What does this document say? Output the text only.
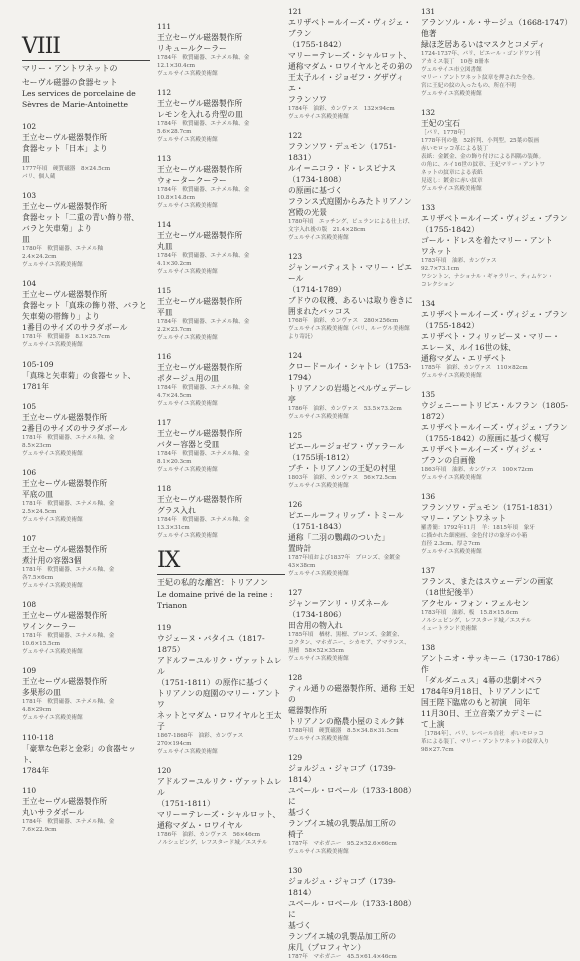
VIII
マリー・アントワネットの
セーヴル磁器の食器セット
Les services de porcelaine de
Sèvres de Marie-Antoinette
102
王立セーヴル磁器製作所
食器セット「日本」より
皿
1777年頃　硬質磁器　8×24.5cm
パリ、個人蔵
103
王立セーヴル磁器製作所
食器セット「二重の青い飾り帯、
バラと矢車菊」より
皿
1780年　軟質磁器、エナメル釉
2.4×24.2cm
ヴェルサイユ宮殿美術館
104
王立セーヴル磁器製作所
食器セット「真珠の飾り帯、バラと
矢車菊の帯飾り」より
1番目のサイズのサラダボール
1781年　軟質磁器　8.1×25.7cm
ヴェルサイユ宮殿美術館
105-109
「真珠と矢車菊」の食器セット、
1781年
105
王立セーヴル磁器製作所
2番目のサイズのサラダボール
1781年　軟質磁器、エナメル釉、金
8.5×23cm
ヴェルサイユ宮殿美術館
106
王立セーヴル磁器製作所
平底の皿
1781年　軟質磁器、エナメル釉、金
2.5×24.5cm
ヴェルサイユ宮殿美術館
107
王立セーヴル磁器製作所
煮汁用の容器3個
1781年　軟質磁器、エナメル釉、金
各7.5×6cm
ヴェルサイユ宮殿美術館
108
王立セーヴル磁器製作所
ワインクーラー
1781年　軟質磁器、エナメル釉、金
10.6×15.5cm
ヴェルサイユ宮殿美術館
109
王立セーヴル磁器製作所
多果形の皿
1781年　軟質磁器、エナメル釉、金
4.8×29cm
ヴェルサイユ宮殿美術館
110-118
「豪華な色彩と金彩」の食器セット、
1784年
110
王立セーヴル磁器製作所
丸いサラダボール
1784年　軟質磁器、エナメル釉、金
7.6×22.9cm
111
王立セーヴル磁器製作所
リキュールクーラー
1784年　軟質磁器、エナメル釉、金
12.1×30.4cm
ヴェルサイユ宮殿美術館
112
王立セーヴル磁器製作所
レモンを入れる舟型の皿
1784年　軟質磁器、エナメル釉、金
5.6×28.7cm
ヴェルサイユ宮殿美術館
113
王立セーヴル磁器製作所
ウォータークーラー
1784年　軟質磁器、エナメル釉、金
10.8×14.8cm
ヴェルサイユ宮殿美術館
114
王立セーヴル磁器製作所
丸皿
1784年　軟質磁器、エナメル釉、金
4.1×30.2cm
ヴェルサイユ宮殿美術館
115
王立セーヴル磁器製作所
平皿
1784年　軟質磁器、エナメル釉、金
2.2×23.7cm
ヴェルサイユ宮殿美術館
116
王立セーヴル磁器製作所
ポタージュ用の皿
1784年　軟質磁器、エナメル釉、金
4.7×24.5cm
ヴェルサイユ宮殿美術館
117
王立セーヴル磁器製作所
バター容器と受皿
1784年　軟質磁器、エナメル釉、金
8.1×20.3cm
ヴェルサイユ宮殿美術館
118
王立セーヴル磁器製作所
グラス入れ
1784年　軟質磁器、エナメル釉、金
13.3×31cm
ヴェルサイユ宮殿美術館
IX
王妃の私的な離宮：トリアノン
Le domaine privé de la reine :
Trianon
119
ウジェーヌ・バタイユ（1817-1875）
アドルフ＝ユルリク・ヴァットムレル
（1751-1811）の原作に基づく
トリアノンの庭園のマリー・アントワ
ネットとマダム・ロワイヤルと王太子
1867-1868年　油彩、カンヴァス
270×194cm
ヴェルサイユ宮殿美術館
120
アドルフ＝ユルリク・ヴァットムレル
（1751-1811）
マリー＝テレーズ・シャルロット、
通称マダム・ロワイヤル
1786年　油彩、カンヴァス　56×46cm
ノルシェピング、レフスタード城／エステル
121
エリザベト＝ルイーズ・ヴィジェ・ブラン
（1755-1842）
マリー＝テレーズ・シャルロット、
通称マダム・ロワイヤルとその弟の
王太子ルイ・ジョゼフ・グザヴィエ・
フランソワ
1784年　油彩、カンヴァス　132×94cm
ヴェルサイユ宮殿美術館
122
フランソワ・デュモン（1751-1831）
ルイ＝ニコラ・ド・レスピナス（1734-1808）
の原画に基づく
フランス式庭園からみたトリアノン
宮殿の光景
1780年頃　エッチング、ビュランによる仕上げ、
文字入れ後の版　21.4×28cm
ヴェルサイユ宮殿美術館
123
ジャン＝バティスト・マリー・ピエール
（1714-1789）
ブドウの収穫、あるいは取り巻きに
囲まれたバッコス
1768年　油彩、カンヴァス　280×256cm
ヴェルサイユ宮殿美術館（パリ、ルーヴル美術館
より寄託）
124
クロード＝ルイ・シャトレ（1753-1794）
トリアノンの岩場とベルヴェデーレ亭
1786年　油彩、カンヴァス　53.5×73.2cm
ヴェルサイユ宮殿美術館
125
ピエール＝ジョゼフ・ヴァラール
（1755頃-1812）
プチ・トリアノンの王妃の村里
1803年　油彩、カンヴァス　56×72.5cm
ヴェルサイユ宮殿美術館
126
ピエール＝フィリップ・トミール（1751-1843）
通称「二羽の鸚鵡のついた」
置時計
1787年頃および1837年　ブロンズ、金鍍金
43×38cm
ヴェルサイユ宮殿美術館
127
ジャン＝アンリ・リズネール（1734-1806）
田舎用の物入れ
1785年頃　楢材、黒檀、ブロンズ、金鍍金、
コクタン、マホガニー、シカモア、アマランス、
黒檀　58×52×35cm
ヴェルサイユ宮殿美術館
128
ティル通りの磁器製作所、通称 王妃の
磁器製作所
トリアノンの酪農小屋のミルク鉢
1788年頃　硬質磁器　8.5×34.8×31.5cm
ヴェルサイユ宮殿美術館
129
ジョルジュ・ジャコブ（1739-1814）
ユベール・ロベール（1733-1808）に
基づく
ランブイエ城の乳製品加工所の
椅子
1787年　マホガニー　95.2×52.6×66cm
ヴェルサイユ宮殿美術館
130
ジョルジュ・ジャコブ（1739-1814）
ユベール・ロベール（1733-1808）に
基づく
ランブイエ城の乳製品加工所の
床几（プロフィヤン）
1787年　マホガニー　45.5×61.4×46cm
131
アランソル・ル・サージュ（1668-1747）
他著
緑ほ芝居あるいはマスクとコメディ
1724-1737年、パリ、ピエール・ゴンドワン刊
アカミス装丁　10巻 8冊本
ヴェルサイユ市立図書館
マリー・アントワネット紋章を押された全巻。
宮に王妃の紋の入ったもの、所在不明
ヴェルサイユ宮殿美術館
132
王妃の宝石
［パリ、1778年］
1778年刊の他　52折判、小判型。25葉の版画
赤いモロッコ革による装丁
表紙：金鍍金、金の飾り付けによる四隅の装飾。
の角に、ルイ16世の紋章、王妃マリー・アントワ
ネットの紋章による表紙
見返し：鍍金に赤い紋章
ヴェルサイユ宮殿美術館
133
エリザベト＝ルイーズ・ヴィジェ・ブラン
（1755-1842）
ゴール・ドレスを着たマリー・アント
ワネット
1783年頃　油彩、カンヴァス
92.7×73.1cm
ワシントン、ナショナル・ギャラリー、ティムケン・
コレクション
134
エリザベト＝ルイーズ・ヴィジェ・ブラン
（1755-1842）
エリザベト・フィリッピーヌ・マリー・
エレーヌ、ルイ16世の妹、
通称マダム・エリザベト
1785年　油彩、カンヴァス　110×82cm
ヴェルサイユ宮殿美術館
135
ウジェニー＝トリピエ・ルフラン（1805-1872）
エリザベト＝ルイーズ・ヴィジェ・ブラン
（1755-1842）の原画に基づく模写
エリザベト＝ルイーズ・ヴィジェ・
ブランの自画像
1863年頃　油彩、カンヴァス　100×72cm
ヴェルサイユ宮殿美術館
136
フランソワ・デュモン（1751-1831）
マリー・アントワネット
羅書簡：1792年11月　羊：1815年頃　象牙
に描かれた細密画、金色付けの象牙の小箱
直径 2.3cm、厚さ7cm
ヴェルサイユ宮殿美術館
137
フランス、またはスウェーデンの画家
（18世紀後半）
アクセル・フォン・フェルセン
1783年頃　油彩、板　15.8×15.6cm
ノルシェピング、レフスタード城／エステル
イェートランド美術館
138
アントニオ・サッキーニ（1730-1786）作
「ダルダニュス」4幕の悲劇オペラ
1784年9月18日、トリアノンにて
国王陛下臨席のもと初演　同年
11月30日、王立音楽アカデミーに
て上演
［1784年］、パリ、レベール自社　赤いモロッコ
革による装丁、マリー・アントワネットの紋章入り
98×27.7cm
